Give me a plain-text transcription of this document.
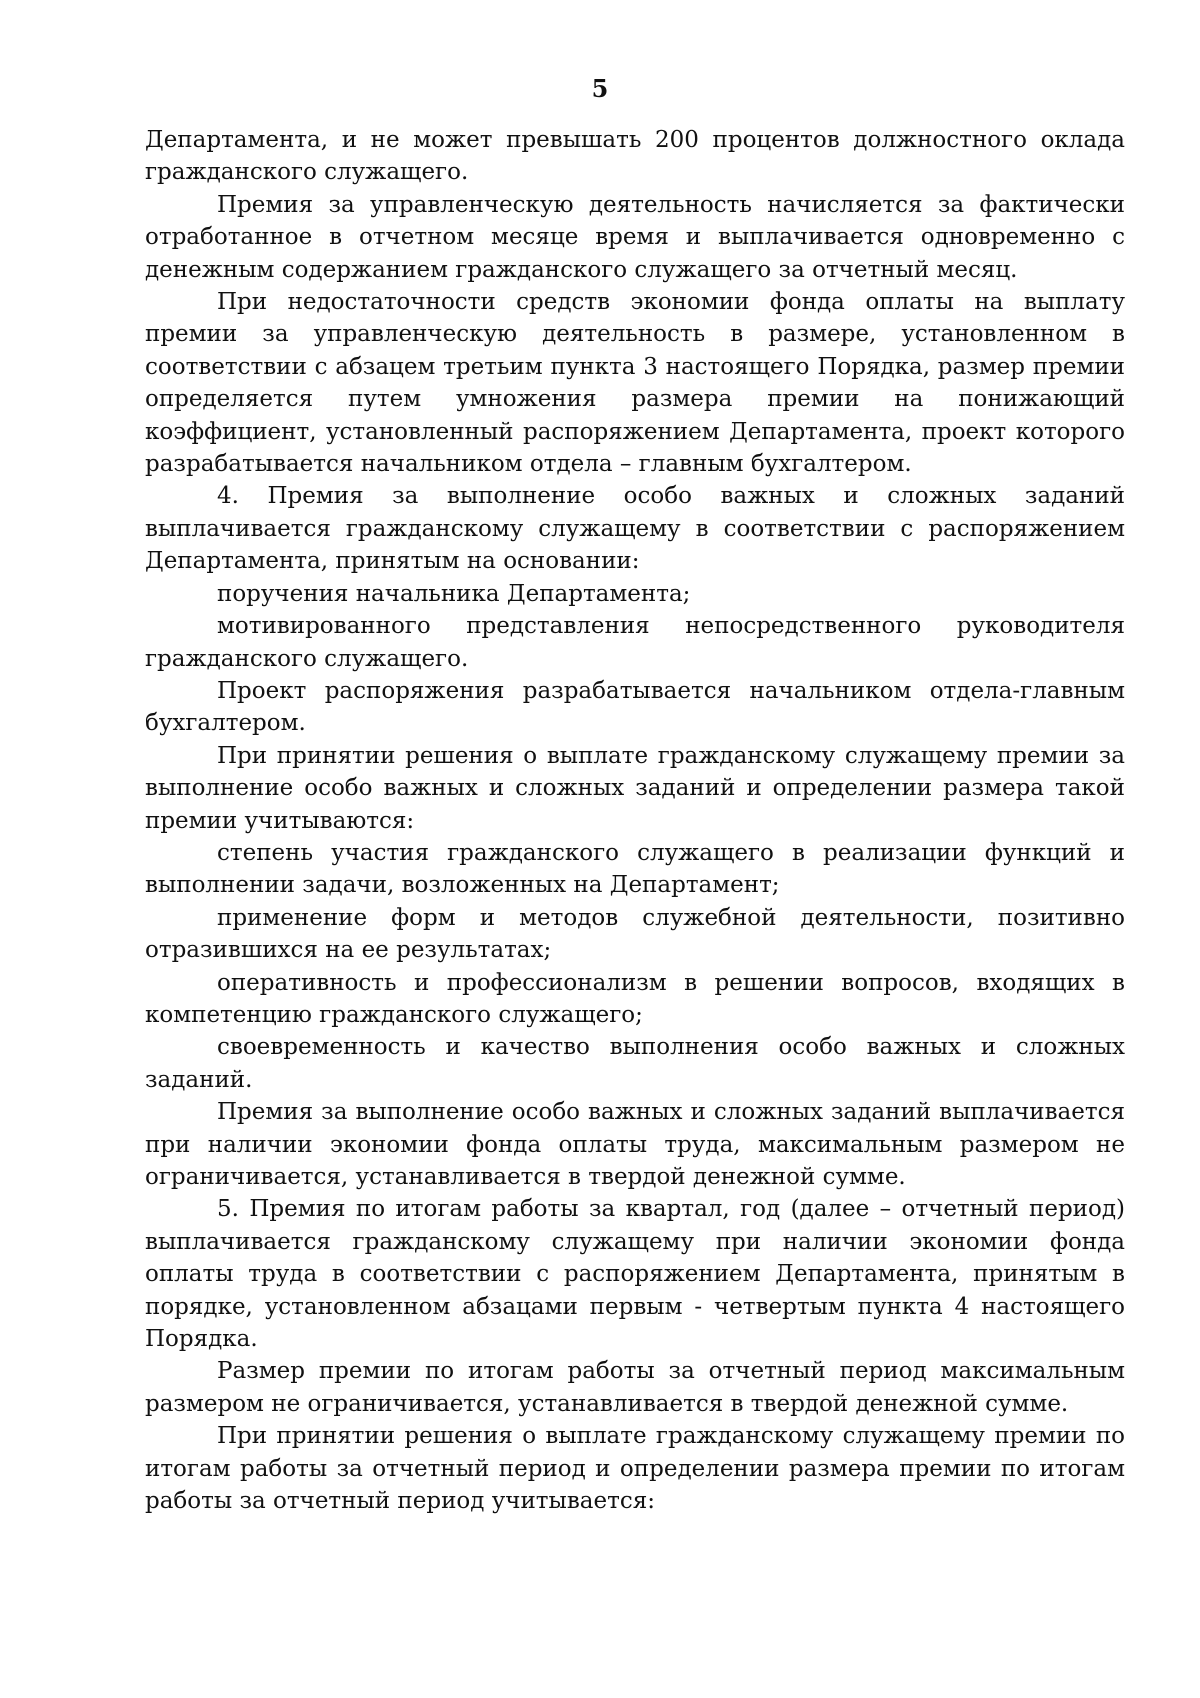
5

Департамента, и не может превышать 200 процентов должностного оклада гражданского служащего.

Премия за управленческую деятельность начисляется за фактически отработанное в отчетном месяце время и выплачивается одновременно с денежным содержанием гражданского служащего за отчетный месяц.

При недостаточности средств экономии фонда оплаты на выплату премии за управленческую деятельность в размере, установленном в соответствии с абзацем третьим пункта 3 настоящего Порядка, размер премии определяется путем умножения размера премии на понижающий коэффициент, установленный распоряжением Департамента, проект которого разрабатывается начальником отдела – главным бухгалтером.

4. Премия за выполнение особо важных и сложных заданий выплачивается гражданскому служащему в соответствии с распоряжением Департамента, принятым на основании:

поручения начальника Департамента;

мотивированного представления непосредственного руководителя гражданского служащего.

Проект распоряжения разрабатывается начальником отдела-главным бухгалтером.

При принятии решения о выплате гражданскому служащему премии за выполнение особо важных и сложных заданий и определении размера такой премии учитываются:

степень участия гражданского служащего в реализации функций и выполнении задачи, возложенных на Департамент;

применение форм и методов служебной деятельности, позитивно отразившихся на ее результатах;

оперативность и профессионализм в решении вопросов, входящих в компетенцию гражданского служащего;

своевременность и качество выполнения особо важных и сложных заданий.

Премия за выполнение особо важных и сложных заданий выплачивается при наличии экономии фонда оплаты труда, максимальным размером не ограничивается, устанавливается в твердой денежной сумме.

5. Премия по итогам работы за квартал, год (далее – отчетный период) выплачивается гражданскому служащему при наличии экономии фонда оплаты труда в соответствии с распоряжением Департамента, принятым в порядке, установленном абзацами первым - четвертым пункта 4 настоящего Порядка.

Размер премии по итогам работы за отчетный период максимальным размером не ограничивается, устанавливается в твердой денежной сумме.

При принятии решения о выплате гражданскому служащему премии по итогам работы за отчетный период и определении размера премии по итогам работы за отчетный период учитывается:
